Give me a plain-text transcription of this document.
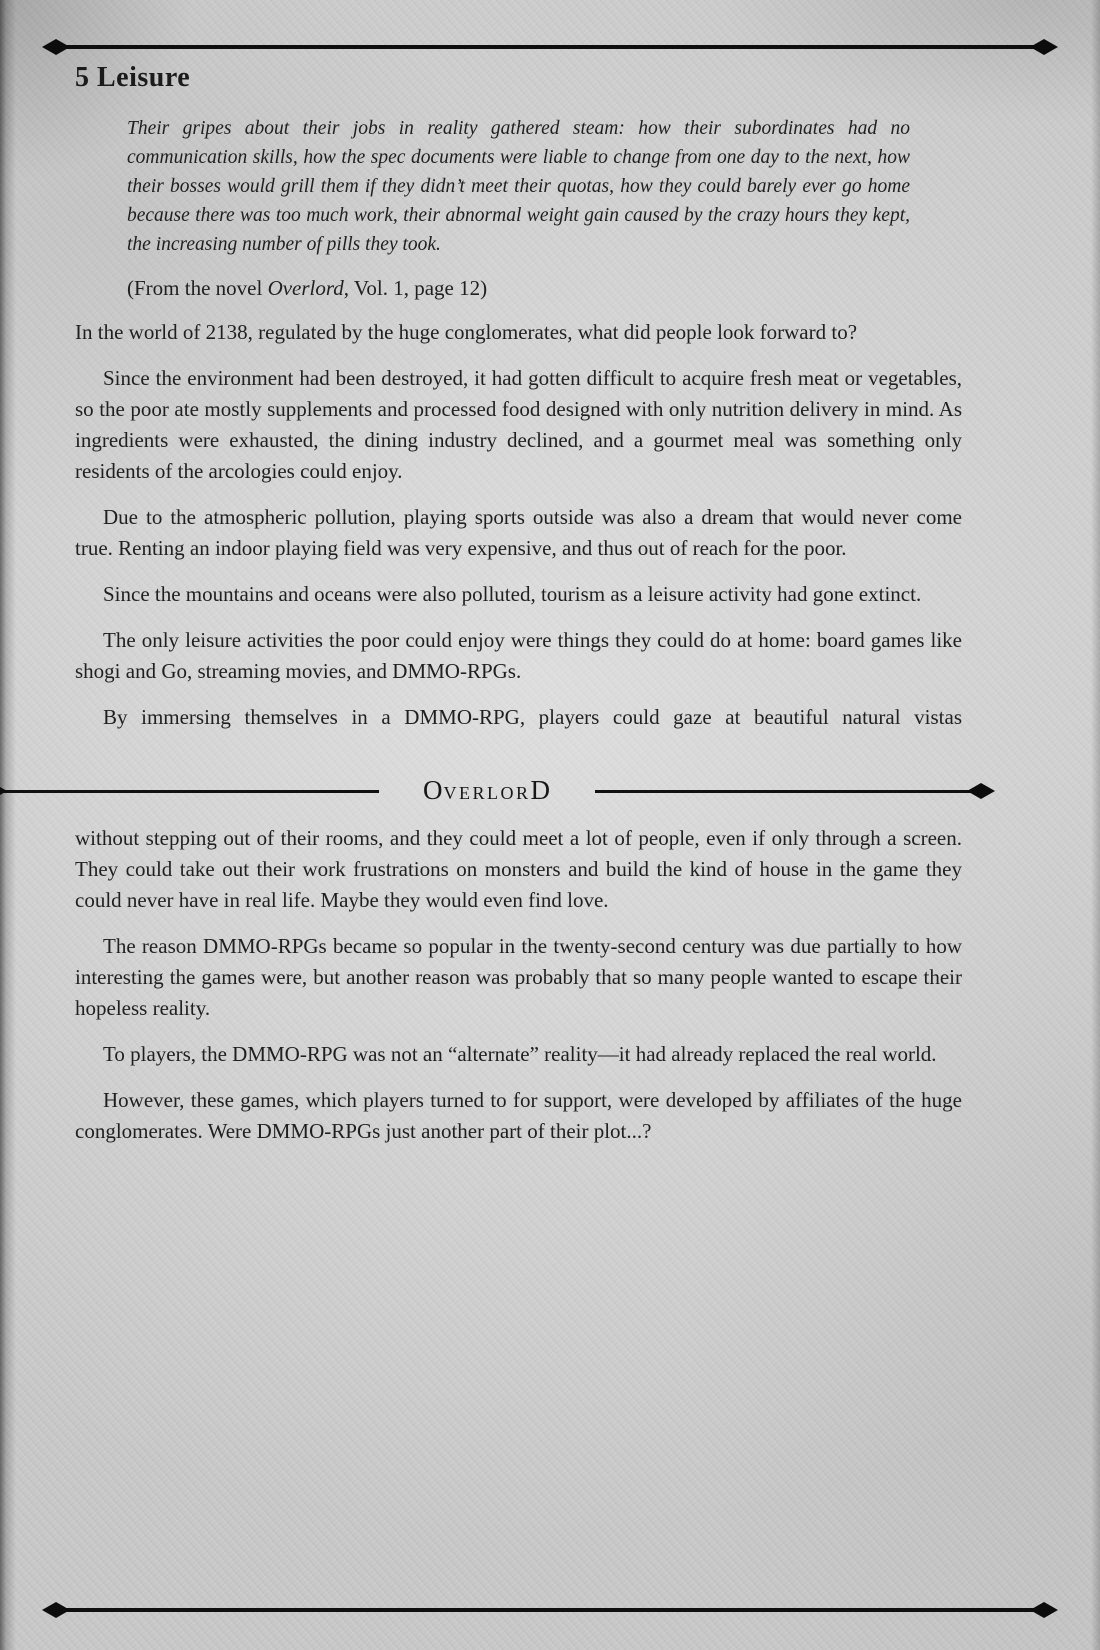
5 Leisure
Their gripes about their jobs in reality gathered steam: how their subordinates had no communication skills, how the spec documents were liable to change from one day to the next, how their bosses would grill them if they didn’t meet their quotas, how they could barely ever go home because there was too much work, their abnormal weight gain caused by the crazy hours they kept, the increasing number of pills they took.
(From the novel Overlord, Vol. 1, page 12)

In the world of 2138, regulated by the huge conglomerates, what did people look forward to?

Since the environment had been destroyed, it had gotten difficult to acquire fresh meat or vegetables, so the poor ate mostly supplements and processed food designed with only nutrition delivery in mind. As ingredients were exhausted, the dining industry declined, and a gourmet meal was something only residents of the arcologies could enjoy.

Due to the atmospheric pollution, playing sports outside was also a dream that would never come true. Renting an indoor playing field was very expensive, and thus out of reach for the poor.

Since the mountains and oceans were also polluted, tourism as a leisure activity had gone extinct.

The only leisure activities the poor could enjoy were things they could do at home: board games like shogi and Go, streaming movies, and DMMO-RPGs.

By immersing themselves in a DMMO-RPG, players could gaze at beautiful natural vistas

O VERLOR D

without stepping out of their rooms, and they could meet a lot of people, even if only through a screen. They could take out their work frustrations on monsters and build the kind of house in the game they could never have in real life. Maybe they would even find love.

The reason DMMO-RPGs became so popular in the twenty-second century was due partially to how interesting the games were, but another reason was probably that so many people wanted to escape their hopeless reality.

To players, the DMMO-RPG was not an “alternate” reality—it had already replaced the real world.

However, these games, which players turned to for support, were developed by affiliates of the huge conglomerates. Were DMMO-RPGs just another part of their plot...?
